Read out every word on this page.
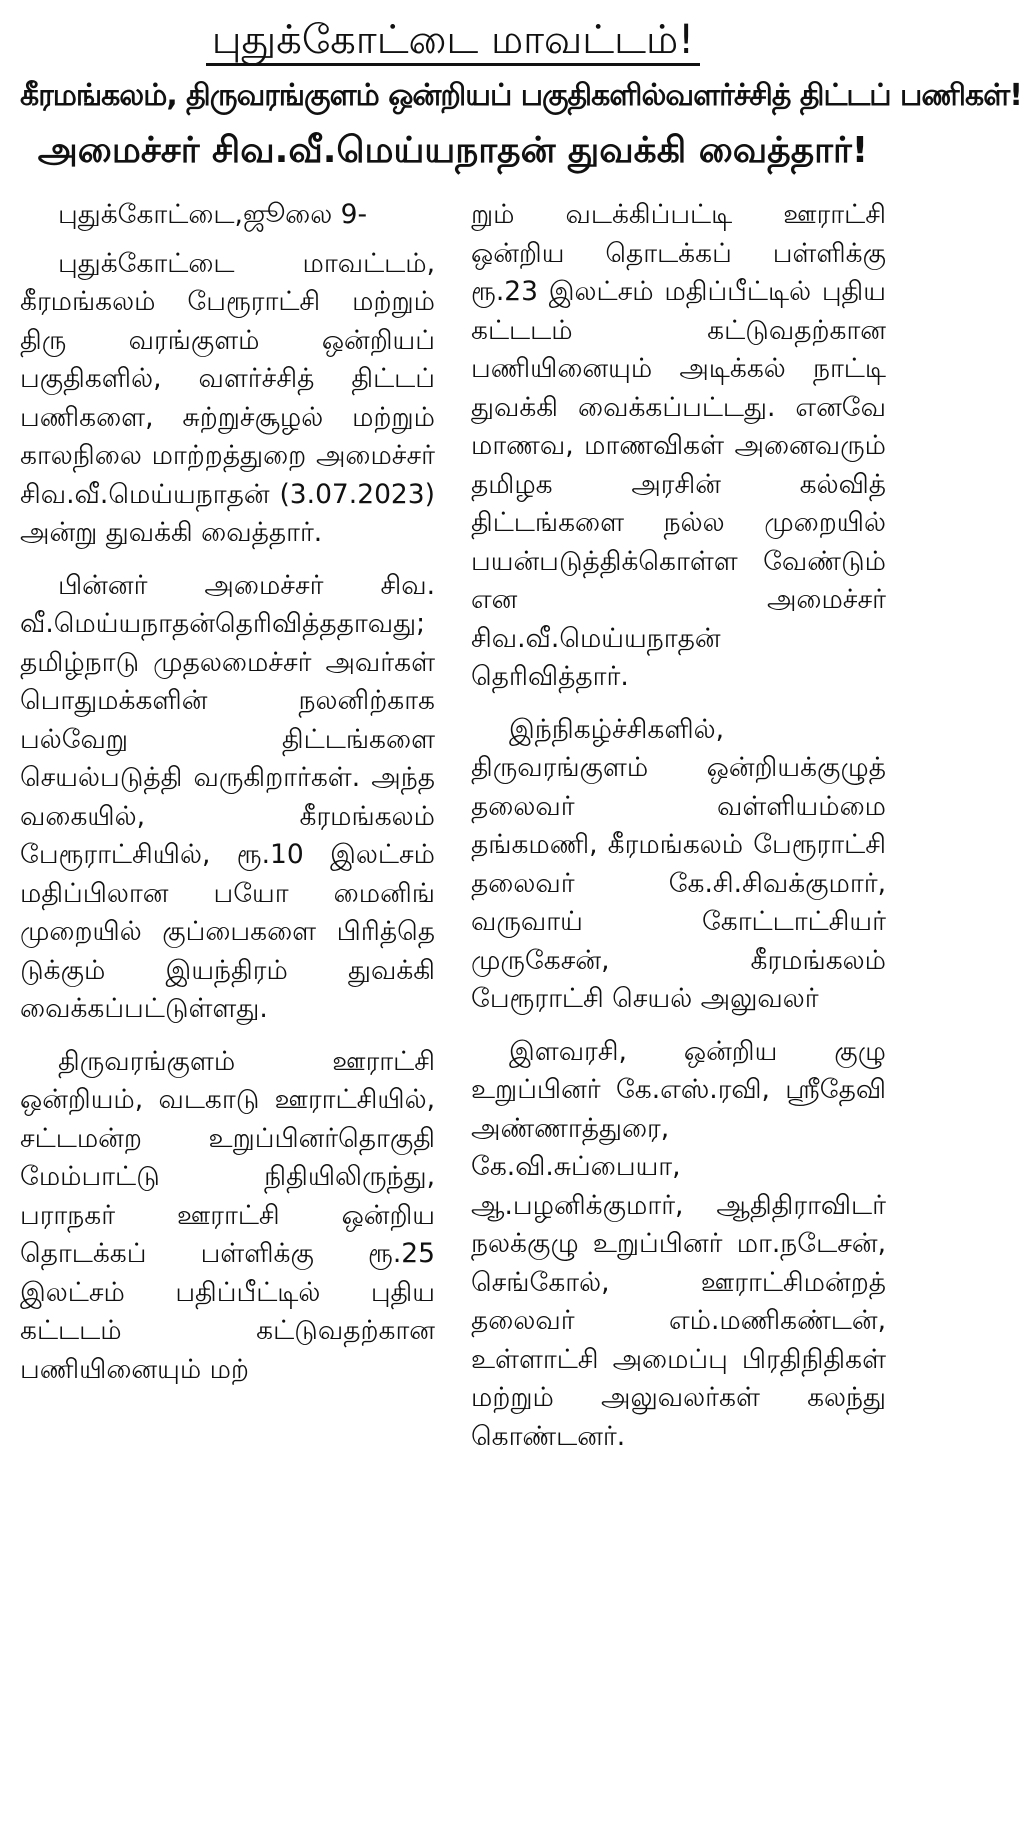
புதுக்கோட்டை மாவட்டம்!
கீரமங்கலம், திருவரங்குளம் ஒன்றியப் பகுதிகளில்வளர்ச்சித் திட்டப் பணிகள்!
அமைச்சர் சிவ.வீ.மெய்யநாதன் துவக்கி வைத்தார்!

புதுக்கோட்டை,ஜூலை 9-

புதுக்கோட்டை மாவட்டம், கீரமங்கலம் பேரூராட்சி மற்றும் திரு வரங்குளம் ஒன்றியப் பகுதிகளில், வளர்ச்சித் திட்டப் பணிகளை, சுற்றுச்சூழல் மற்றும் காலநிலை மாற்றத்துறை அமைச்சர் சிவ.வீ.மெய்யநாதன் (3.07.2023) அன்று துவக்கி வைத்தார்.

பின்னர் அமைச்சர் சிவ. வீ.மெய்யநாதன்தெரிவித்ததாவது; தமிழ்நாடு முதலமைச்சர் அவர்கள் பொதுமக்களின் நலனிற்காக பல்வேறு திட்டங்களை செயல்படுத்தி வருகிறார்கள். அந்த வகையில், கீரமங்கலம் பேரூராட்சியில், ரூ.10 இலட்சம் மதிப்பிலான பயோ மைனிங் முறையில் குப்பைகளை பிரித்தெ டுக்கும் இயந்திரம் துவக்கி வைக்கப்பட்டுள்ளது.

திருவரங்குளம் ஊராட்சி ஒன்றியம், வடகாடு ஊராட்சியில், சட்டமன்ற உறுப்பினர்தொகுதி மேம்பாட்டு நிதியிலிருந்து, பராநகர் ஊராட்சி ஒன்றிய தொடக்கப் பள்ளிக்கு ரூ.25 இலட்சம் பதிப்பீட்டில் புதிய கட்டடம் கட்டுவதற்கான பணியினையும் மற்

றும் வடக்கிப்பட்டி ஊராட்சி ஒன்றிய தொடக்கப் பள்ளிக்கு ரூ.23 இலட்சம் மதிப்பீட்டில் புதிய கட்டடம் கட்டுவதற்கான பணியினையும் அடிக்கல் நாட்டி துவக்கி வைக்கப்பட்டது. எனவே மாணவ, மாணவிகள் அனைவரும் தமிழக அரசின் கல்வித் திட்டங்களை நல்ல முறையில் பயன்படுத்திக்கொள்ள வேண்டும் என அமைச்சர் சிவ.வீ.மெய்யநாதன் தெரிவித்தார்.

இந்நிகழ்ச்சிகளில், திருவரங்குளம் ஒன்றியக்குழுத் தலைவர் வள்ளியம்மை தங்கமணி, கீரமங்கலம் பேரூராட்சி தலைவர் கே.சி.சிவக்குமார், வருவாய் கோட்டாட்சியர் முருகேசன், கீரமங்கலம் பேரூராட்சி செயல் அலுவலர்

இளவரசி, ஒன்றிய குழு உறுப்பினர் கே.எஸ்.ரவி, ஸ்ரீதேவி அண்ணாத்துரை, கே.வி.சுப்பையா, ஆ.பழனிக்குமார், ஆதிதிராவிடர் நலக்குழு உறுப்பினர் மா.நடேசன், செங்கோல், ஊராட்சிமன்றத் தலைவர் எம்.மணிகண்டன், உள்ளாட்சி அமைப்பு பிரதிநிதிகள் மற்றும் அலுவலர்கள் கலந்து கொண்டனர்.
